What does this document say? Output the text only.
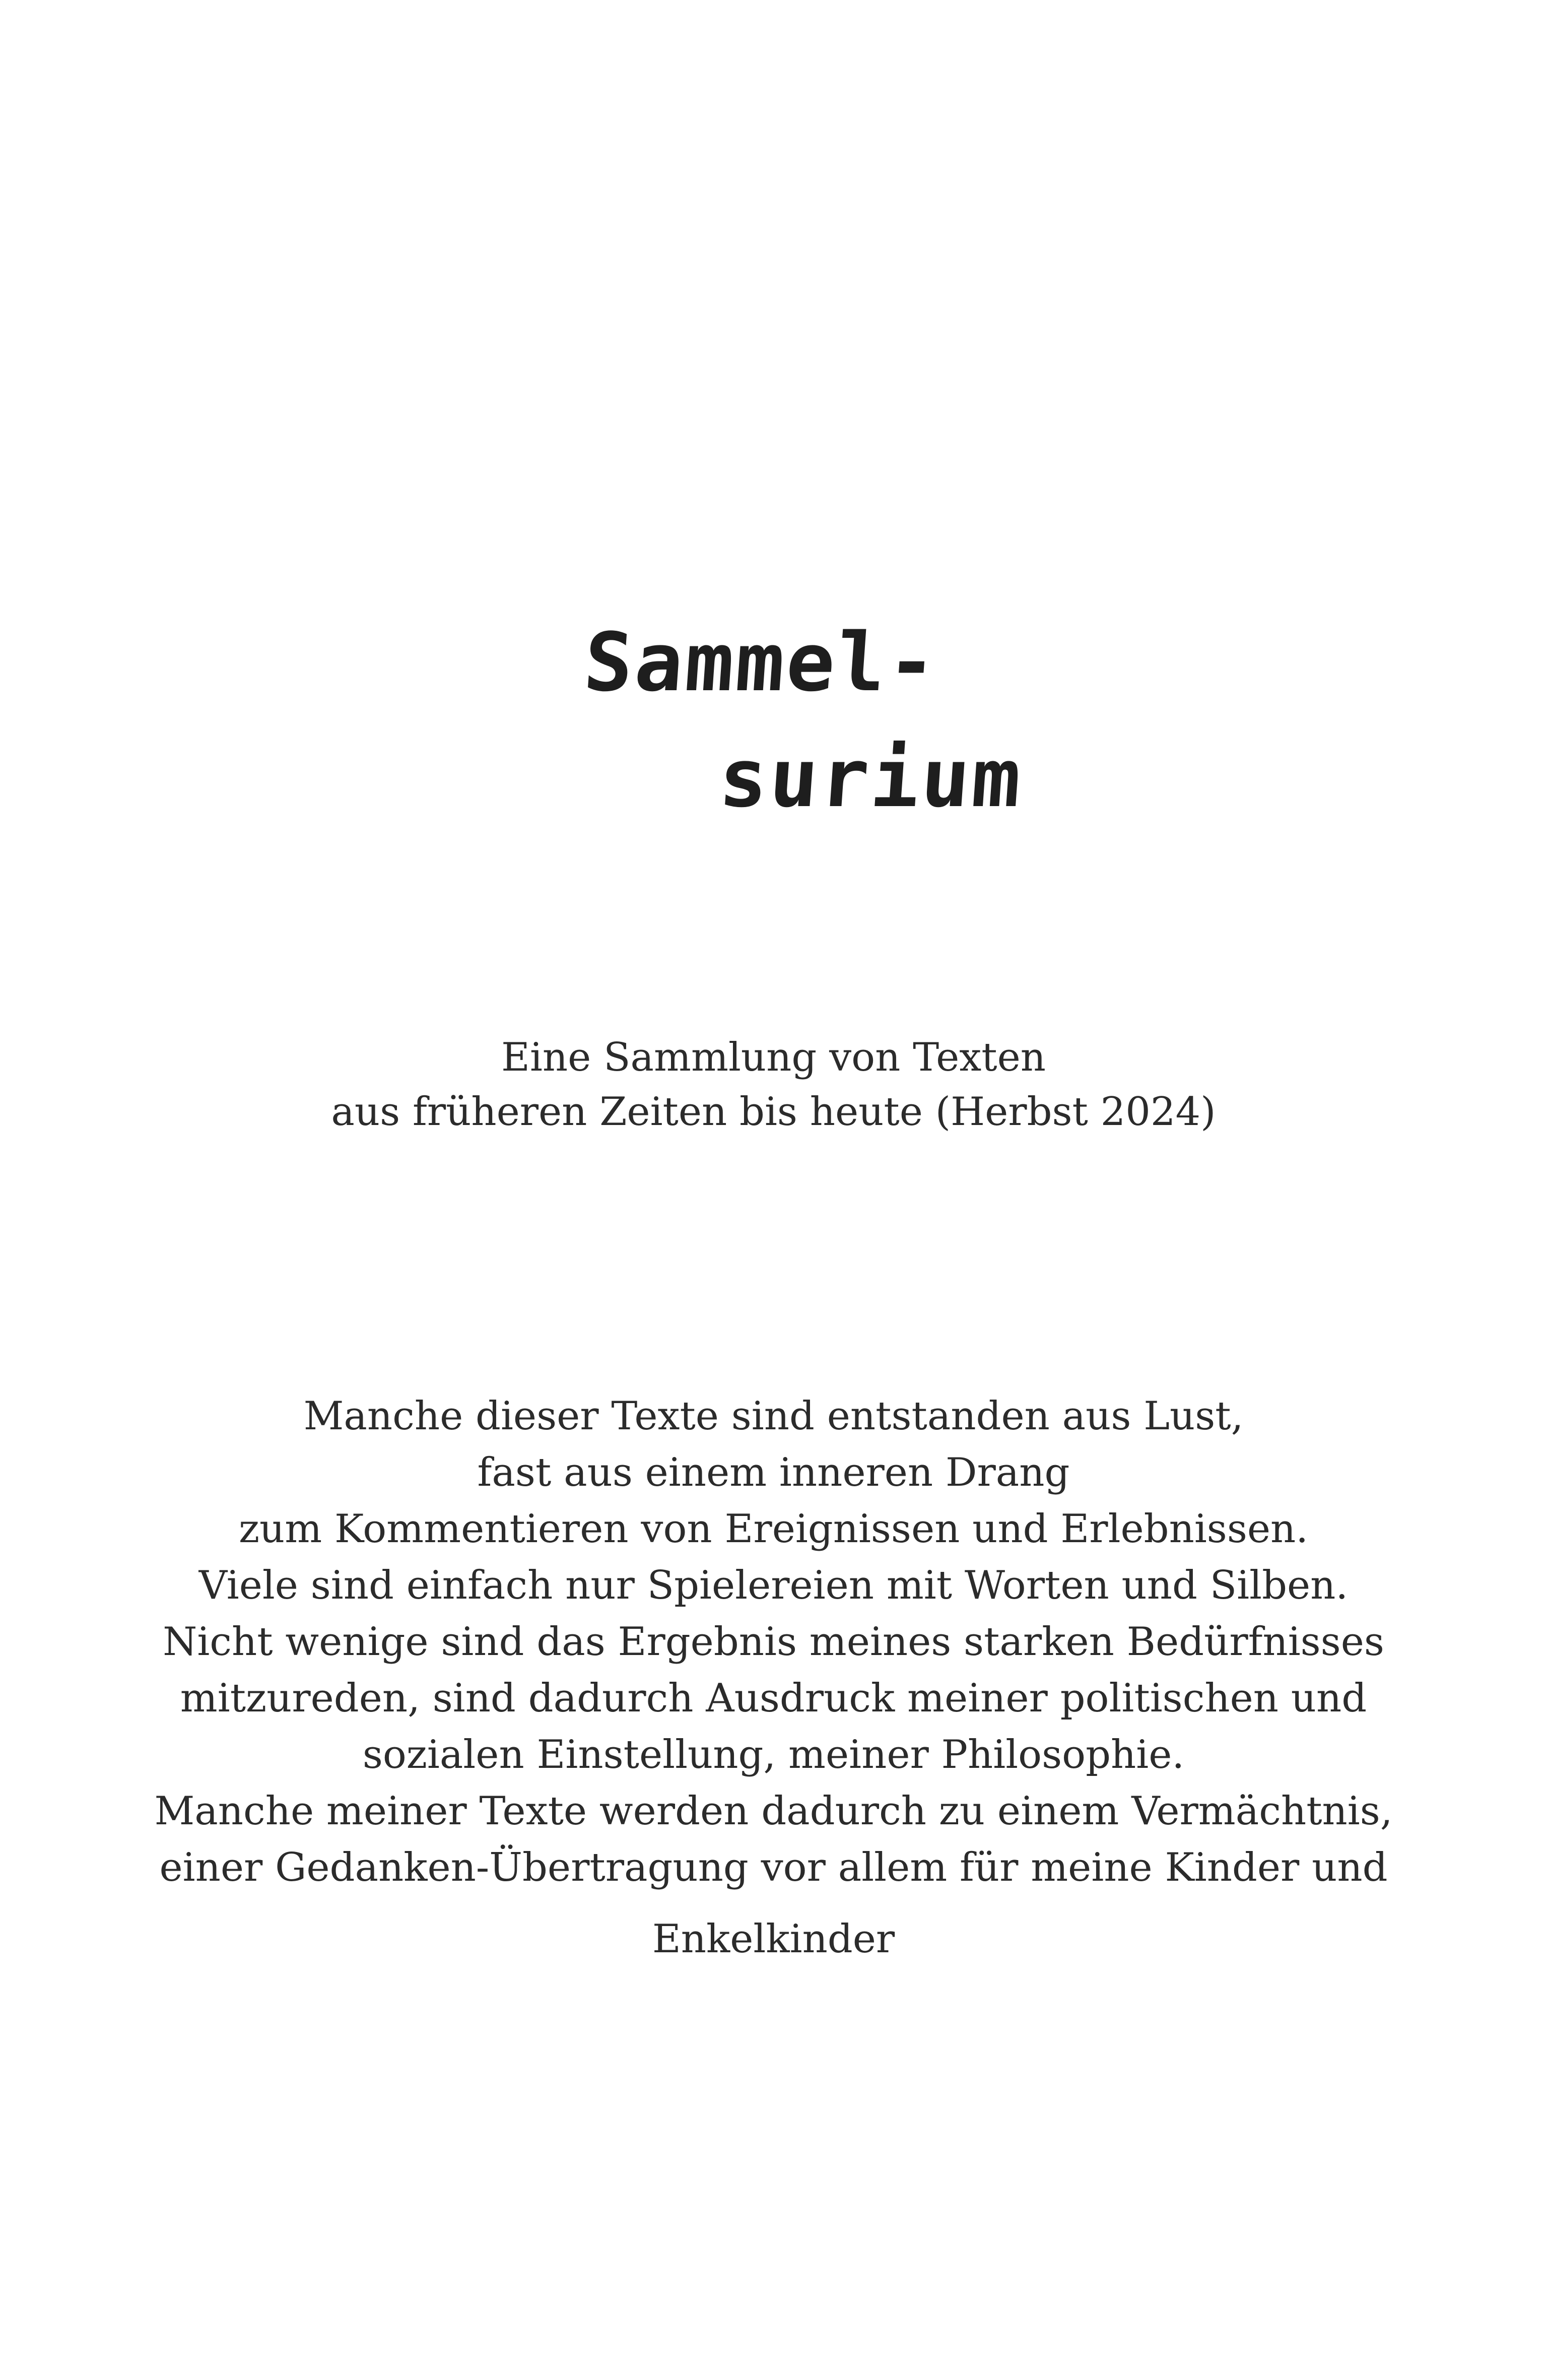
Sammel-
surium
Eine Sammlung von Texten
aus früheren Zeiten bis heute (Herbst 2024)
Manche dieser Texte sind entstanden aus Lust,
fast aus einem inneren Drang
zum Kommentieren von Ereignissen und Erlebnissen.
Viele sind einfach nur Spielereien mit Worten und Silben.
Nicht wenige sind das Ergebnis meines starken Bedürfnisses
mitzureden, sind dadurch Ausdruck meiner politischen und
sozialen Einstellung, meiner Philosophie.
Manche meiner Texte werden dadurch zu einem Vermächtnis,
einer Gedanken-Übertragung vor allem für meine Kinder und
Enkelkinder
